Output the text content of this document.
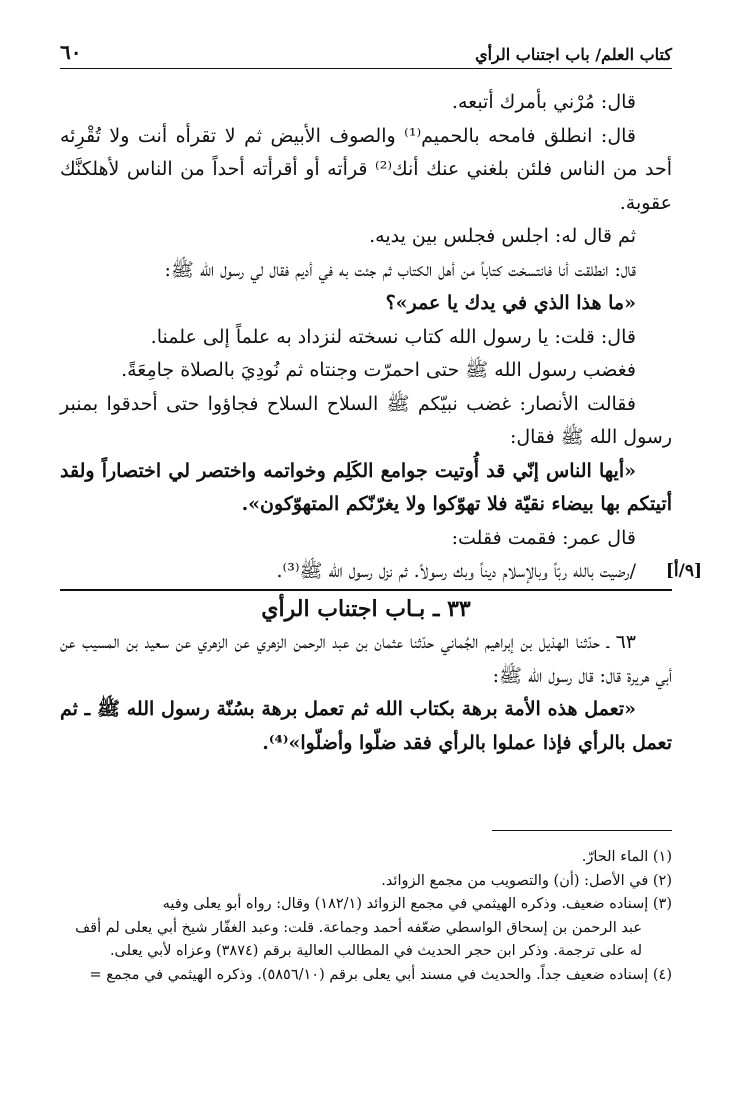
كتاب العلم/ باب اجتناب الرأي
٦٠

قال: مُرْني بأمرك أتبعه.

قال: انطلق فامحه بالحميم⁽¹⁾ والصوف الأبيض ثم لا تقرأه أنت ولا تُقْرِئه أحد من الناس فلئن بلغني عنك أنك⁽²⁾ قرأته أو أقرأته أحداً من الناس لأهلكنَّك عقوبة.

ثم قال له: اجلس فجلس بين يديه.

قال: انطلقت أنا فانتسخت كتاباً من أهل الكتاب ثم جئت به في أديم فقال لي رسول الله ﷺ:

«ما هذا الذي في يدك يا عمر»؟

قال: قلت: يا رسول الله كتاب نسخته لنزداد به علماً إلى علمنا.

فغضب رسول الله ﷺ حتى احمرّت وجنتاه ثم نُودِيَ بالصلاة جامِعَةً.

فقالت الأنصار: غضب نبيّكم ﷺ السلاح السلاح فجاؤوا حتى أحدقوا بمنبر رسول الله ﷺ فقال:

«أيها الناس إنّي قد أُوتيت جوامع الكَلِم وخواتمه واختصر لي اختصاراً ولقد أتيتكم بها بيضاء نقيّة فلا تهوّكوا ولا يغرّنّكم المتهوّكون».

قال عمر: فقمت فقلت:

[٩/أ]
/رضيت بالله ربّاً وبالإسلام ديناً وبك رسولاً. ثم نزل رسول الله ﷺ⁽³⁾.

٣٣ ـ بـاب اجتناب الرأي

٦٣ ـ حدّثنا الهذيل بن إبراهيم الجُماني حدّثنا عثمان بن عبد الرحمن الزهري عن الزهري عن سعيد بن المسيب عن أبي هريرة قال: قال رسول الله ﷺ:

«تعمل هذه الأمة برهة بكتاب الله ثم تعمل برهة بسُنّة رسول الله ﷺ ـ ثم تعمل بالرأي فإذا عملوا بالرأي فقد ضلّوا وأضلّوا»⁽⁴⁾.

(١) الماء الحارّ.

(٢) في الأصل: (أن) والتصويب من مجمع الزوائد.

(٣) إسناده ضعيف. وذكره الهيثمي في مجمع الزوائد (١٨٢/١) وقال: رواه أبو يعلى وفيه

عبد الرحمن بن إسحاق الواسطي ضعّفه أحمد وجماعة. قلت: وعبد الغفّار شيخ أبي يعلى لم أقف

له على ترجمة. وذكر ابن حجر الحديث في المطالب العالية برقم (٣٨٧٤) وعزاه لأبي يعلى.

(٤) إسناده ضعيف جداً. والحديث في مسند أبي يعلى برقم (٥٨٥٦/١٠). وذكره الهيثمي في مجمع =
